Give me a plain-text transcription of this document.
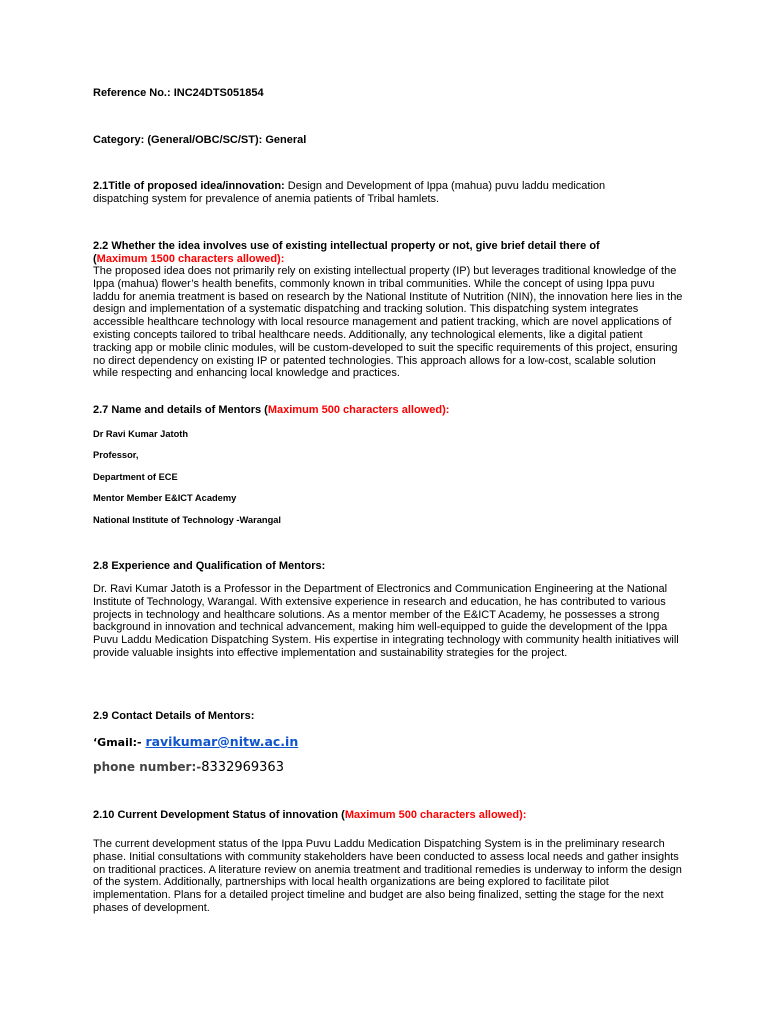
Reference No.: INC24DTS051854
Category: (General/OBC/SC/ST): General
2.1Title of proposed idea/innovation: Design and Development of Ippa (mahua) puvu laddu medication
dispatching system for prevalence of anemia patients of Tribal hamlets.
2.2 Whether the idea involves use of existing intellectual property or not, give brief detail there of
(Maximum 1500 characters allowed):
The proposed idea does not primarily rely on existing intellectual property (IP) but leverages traditional knowledge of the Ippa (mahua) flower’s health benefits, commonly known in tribal communities. While the concept of using Ippa puvu laddu for anemia treatment is based on research by the National Institute of Nutrition (NIN), the innovation here lies in the design and implementation of a systematic dispatching and tracking solution. This dispatching system integrates accessible healthcare technology with local resource management and patient tracking, which are novel applications of existing concepts tailored to tribal healthcare needs. Additionally, any technological elements, like a digital patient tracking app or mobile clinic modules, will be custom-developed to suit the specific requirements of this project, ensuring no direct dependency on existing IP or patented technologies. This approach allows for a low-cost, scalable solution while respecting and enhancing local knowledge and practices.
2.7 Name and details of Mentors (Maximum 500 characters allowed):
Dr Ravi Kumar Jatoth
Professor,
Department of ECE
Mentor Member E&ICT Academy
National Institute of Technology -Warangal
2.8 Experience and Qualification of Mentors:
Dr. Ravi Kumar Jatoth is a Professor in the Department of Electronics and Communication Engineering at the National Institute of Technology, Warangal. With extensive experience in research and education, he has contributed to various projects in technology and healthcare solutions. As a mentor member of the E&ICT Academy, he possesses a strong background in innovation and technical advancement, making him well-equipped to guide the development of the Ippa Puvu Laddu Medication Dispatching System. His expertise in integrating technology with community health initiatives will provide valuable insights into effective implementation and sustainability strategies for the project.
2.9 Contact Details of Mentors:
‘Gmail:- ravikumar@nitw.ac.in
phone number:-8332969363
2.10 Current Development Status of innovation (Maximum 500 characters allowed):
The current development status of the Ippa Puvu Laddu Medication Dispatching System is in the preliminary research phase. Initial consultations with community stakeholders have been conducted to assess local needs and gather insights on traditional practices. A literature review on anemia treatment and traditional remedies is underway to inform the design of the system. Additionally, partnerships with local health organizations are being explored to facilitate pilot implementation. Plans for a detailed project timeline and budget are also being finalized, setting the stage for the next phases of development.
